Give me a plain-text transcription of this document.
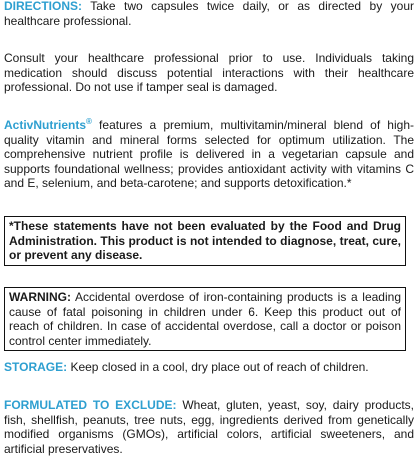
DIRECTIONS: Take two capsules twice daily, or as directed by your healthcare professional.

Consult your healthcare professional prior to use. Individuals taking medication should discuss potential interactions with their healthcare professional. Do not use if tamper seal is damaged.

ActivNutrients® features a premium, multivitamin/mineral blend of high-quality vitamin and mineral forms selected for optimum utilization. The comprehensive nutrient profile is delivered in a vegetarian capsule and supports foundational wellness; provides antioxidant activity with vitamins C and E, selenium, and beta-carotene; and supports detoxification.*

*These statements have not been evaluated by the Food and Drug Administration. This product is not intended to diagnose, treat, cure, or prevent any disease.
WARNING: Accidental overdose of iron-containing products is a leading cause of fatal poisoning in children under 6. Keep this product out of reach of children. In case of accidental overdose, call a doctor or poison control center immediately.

STORAGE: Keep closed in a cool, dry place out of reach of children.

FORMULATED TO EXCLUDE: Wheat, gluten, yeast, soy, dairy products, fish, shellfish, peanuts, tree nuts, egg, ingredients derived from genetically modified organisms (GMOs), artificial colors, artificial sweeteners, and artificial preservatives.
